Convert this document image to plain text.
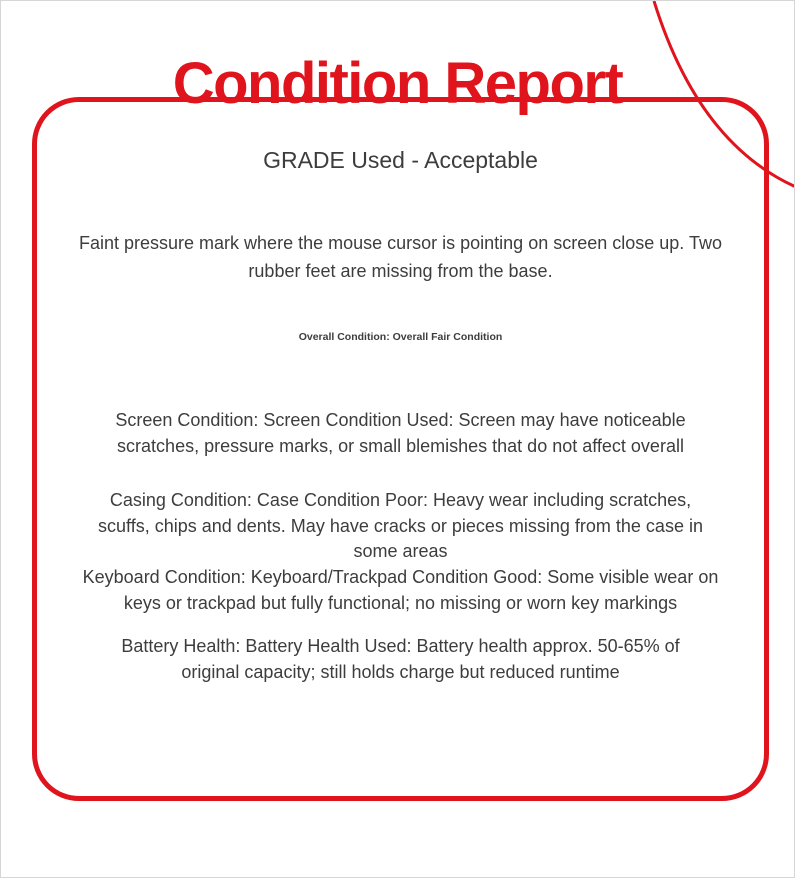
Condition Report

GRADE Used - Acceptable

Faint pressure mark where the mouse cursor is pointing on screen close up. Two rubber feet are missing from the base.

Overall Condition: Overall Fair Condition

Screen Condition: Screen Condition Used: Screen may have noticeable scratches, pressure marks, or small blemishes that do not affect overall

Casing Condition: Case Condition Poor: Heavy wear including scratches, scuffs, chips and dents. May have cracks or pieces missing from the case in some areas

Keyboard Condition: Keyboard/Trackpad Condition Good: Some visible wear on keys or trackpad but fully functional; no missing or worn key markings

Battery Health: Battery Health Used: Battery health approx. 50-65% of original capacity; still holds charge but reduced runtime
